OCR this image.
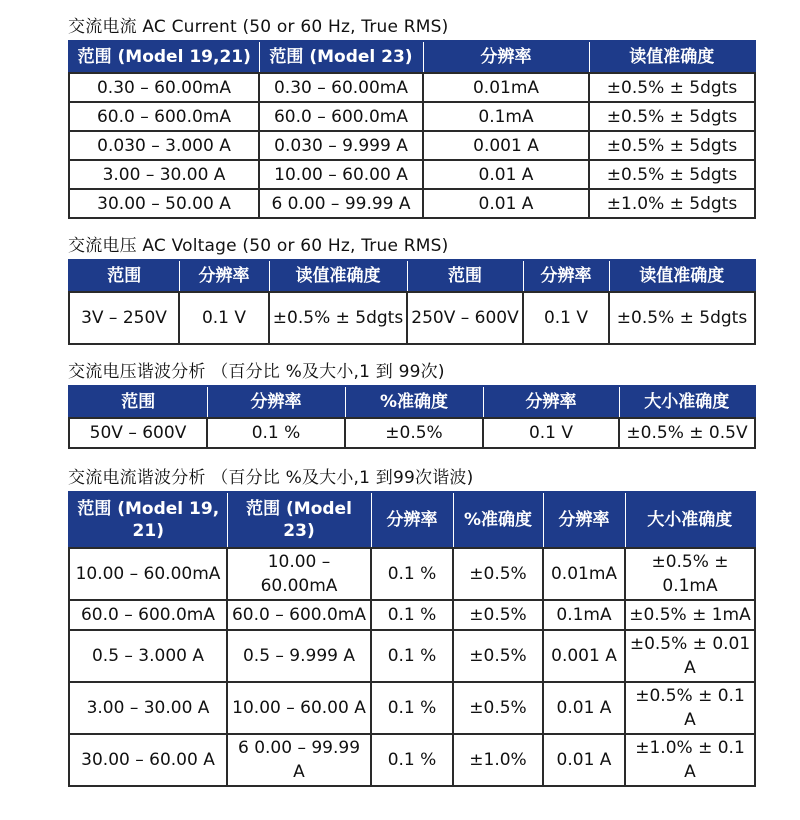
交流电流 AC Current (50 or 60 Hz, True RMS)
范围 (Model 19,21)	范围 (Model 23)	分辨率	读值准确度
0.30 – 60.00mA	0.30 – 60.00mA	0.01mA	±0.5% ± 5dgts
60.0 – 600.0mA	60.0 – 600.0mA	0.1mA	±0.5% ± 5dgts
0.030 – 3.000 A	0.030 – 9.999 A	0.001 A	±0.5% ± 5dgts
3.00 – 30.00 A	10.00 – 60.00 A	0.01 A	±0.5% ± 5dgts
30.00 – 50.00 A	6 0.00 – 99.99 A	0.01 A	±1.0% ± 5dgts
交流电压 AC Voltage (50 or 60 Hz, True RMS)
范围	分辨率	读值准确度	范围	分辨率	读值准确度
3V – 250V	0.1 V	±0.5% ± 5dgts	250V – 600V	0.1 V	±0.5% ± 5dgts
交流电压谐波分析 （百分比 %及大小,1 到 99次)
范围	分辨率	%准确度	分辨率	大小准确度
50V – 600V	0.1 %	±0.5%	0.1 V	±0.5% ± 0.5V
交流电流谐波分析 （百分比 %及大小,1 到99次谐波)
范围 (Model 19, 21)	范围 (Model 23)	分辨率	%准确度	分辨率	大小准确度
10.00 – 60.00mA	10.00 – 60.00mA	0.1 %	±0.5%	0.01mA	±0.5% ± 0.1mA
60.0 – 600.0mA	60.0 – 600.0mA	0.1 %	±0.5%	0.1mA	±0.5% ± 1mA
0.5 – 3.000 A	0.5 – 9.999 A	0.1 %	±0.5%	0.001 A	±0.5% ± 0.01 A
3.00 – 30.00 A	10.00 – 60.00 A	0.1 %	±0.5%	0.01 A	±0.5% ± 0.1 A
30.00 – 60.00 A	6 0.00 – 99.99 A	0.1 %	±1.0%	0.01 A	±1.0% ± 0.1 A
